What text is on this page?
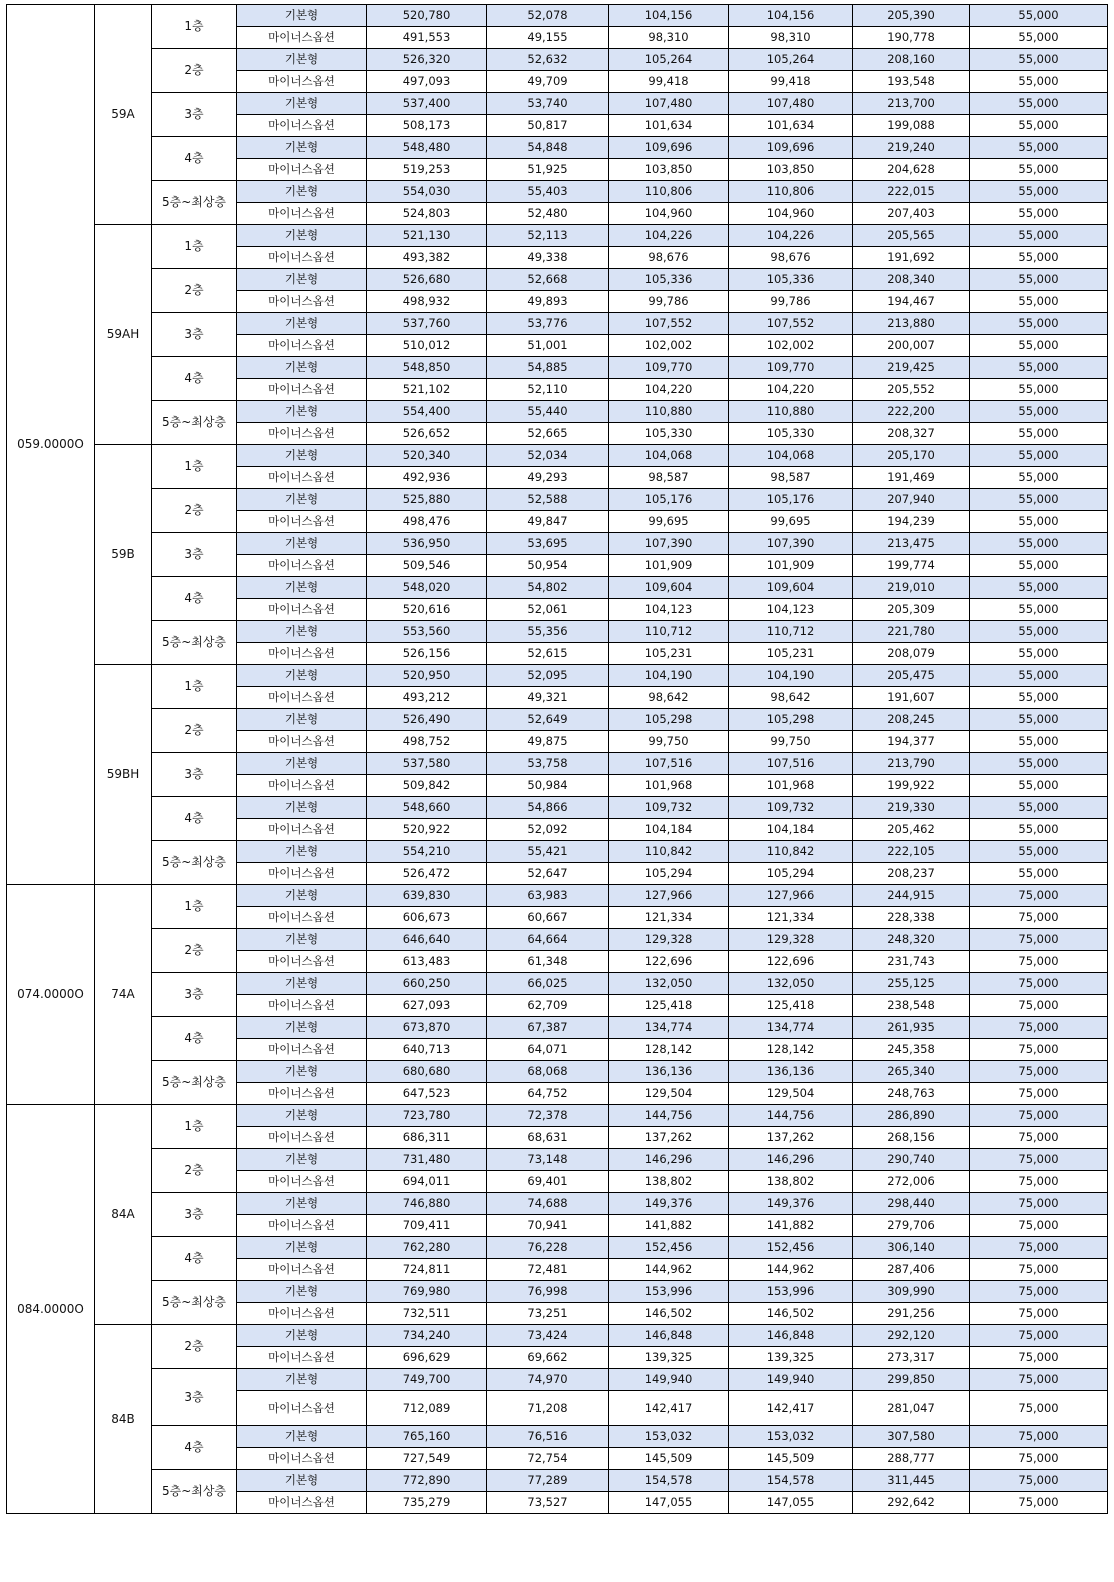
059.0000O	59A	1층	기본형	520,780	52,078	104,156	104,156	205,390	55,000
			마이너스옵션	491,553	49,155	98,310	98,310	190,778	55,000
		2층	기본형	526,320	52,632	105,264	105,264	208,160	55,000
			마이너스옵션	497,093	49,709	99,418	99,418	193,548	55,000
		3층	기본형	537,400	53,740	107,480	107,480	213,700	55,000
			마이너스옵션	508,173	50,817	101,634	101,634	199,088	55,000
		4층	기본형	548,480	54,848	109,696	109,696	219,240	55,000
			마이너스옵션	519,253	51,925	103,850	103,850	204,628	55,000
		5층~최상층	기본형	554,030	55,403	110,806	110,806	222,015	55,000
			마이너스옵션	524,803	52,480	104,960	104,960	207,403	55,000
	59AH	1층	기본형	521,130	52,113	104,226	104,226	205,565	55,000
			마이너스옵션	493,382	49,338	98,676	98,676	191,692	55,000
		2층	기본형	526,680	52,668	105,336	105,336	208,340	55,000
			마이너스옵션	498,932	49,893	99,786	99,786	194,467	55,000
		3층	기본형	537,760	53,776	107,552	107,552	213,880	55,000
			마이너스옵션	510,012	51,001	102,002	102,002	200,007	55,000
		4층	기본형	548,850	54,885	109,770	109,770	219,425	55,000
			마이너스옵션	521,102	52,110	104,220	104,220	205,552	55,000
		5층~최상층	기본형	554,400	55,440	110,880	110,880	222,200	55,000
			마이너스옵션	526,652	52,665	105,330	105,330	208,327	55,000
	59B	1층	기본형	520,340	52,034	104,068	104,068	205,170	55,000
			마이너스옵션	492,936	49,293	98,587	98,587	191,469	55,000
		2층	기본형	525,880	52,588	105,176	105,176	207,940	55,000
			마이너스옵션	498,476	49,847	99,695	99,695	194,239	55,000
		3층	기본형	536,950	53,695	107,390	107,390	213,475	55,000
			마이너스옵션	509,546	50,954	101,909	101,909	199,774	55,000
		4층	기본형	548,020	54,802	109,604	109,604	219,010	55,000
			마이너스옵션	520,616	52,061	104,123	104,123	205,309	55,000
		5층~최상층	기본형	553,560	55,356	110,712	110,712	221,780	55,000
			마이너스옵션	526,156	52,615	105,231	105,231	208,079	55,000
	59BH	1층	기본형	520,950	52,095	104,190	104,190	205,475	55,000
			마이너스옵션	493,212	49,321	98,642	98,642	191,607	55,000
		2층	기본형	526,490	52,649	105,298	105,298	208,245	55,000
			마이너스옵션	498,752	49,875	99,750	99,750	194,377	55,000
		3층	기본형	537,580	53,758	107,516	107,516	213,790	55,000
			마이너스옵션	509,842	50,984	101,968	101,968	199,922	55,000
		4층	기본형	548,660	54,866	109,732	109,732	219,330	55,000
			마이너스옵션	520,922	52,092	104,184	104,184	205,462	55,000
		5층~최상층	기본형	554,210	55,421	110,842	110,842	222,105	55,000
			마이너스옵션	526,472	52,647	105,294	105,294	208,237	55,000
074.0000O	74A	1층	기본형	639,830	63,983	127,966	127,966	244,915	75,000
			마이너스옵션	606,673	60,667	121,334	121,334	228,338	75,000
		2층	기본형	646,640	64,664	129,328	129,328	248,320	75,000
			마이너스옵션	613,483	61,348	122,696	122,696	231,743	75,000
		3층	기본형	660,250	66,025	132,050	132,050	255,125	75,000
			마이너스옵션	627,093	62,709	125,418	125,418	238,548	75,000
		4층	기본형	673,870	67,387	134,774	134,774	261,935	75,000
			마이너스옵션	640,713	64,071	128,142	128,142	245,358	75,000
		5층~최상층	기본형	680,680	68,068	136,136	136,136	265,340	75,000
			마이너스옵션	647,523	64,752	129,504	129,504	248,763	75,000
084.0000O	84A	1층	기본형	723,780	72,378	144,756	144,756	286,890	75,000
			마이너스옵션	686,311	68,631	137,262	137,262	268,156	75,000
		2층	기본형	731,480	73,148	146,296	146,296	290,740	75,000
			마이너스옵션	694,011	69,401	138,802	138,802	272,006	75,000
		3층	기본형	746,880	74,688	149,376	149,376	298,440	75,000
			마이너스옵션	709,411	70,941	141,882	141,882	279,706	75,000
		4층	기본형	762,280	76,228	152,456	152,456	306,140	75,000
			마이너스옵션	724,811	72,481	144,962	144,962	287,406	75,000
		5층~최상층	기본형	769,980	76,998	153,996	153,996	309,990	75,000
			마이너스옵션	732,511	73,251	146,502	146,502	291,256	75,000
	84B	2층	기본형	734,240	73,424	146,848	146,848	292,120	75,000
			마이너스옵션	696,629	69,662	139,325	139,325	273,317	75,000
		3층	기본형	749,700	74,970	149,940	149,940	299,850	75,000
			마이너스옵션	712,089	71,208	142,417	142,417	281,047	75,000
		4층	기본형	765,160	76,516	153,032	153,032	307,580	75,000
			마이너스옵션	727,549	72,754	145,509	145,509	288,777	75,000
		5층~최상층	기본형	772,890	77,289	154,578	154,578	311,445	75,000
			마이너스옵션	735,279	73,527	147,055	147,055	292,642	75,000
